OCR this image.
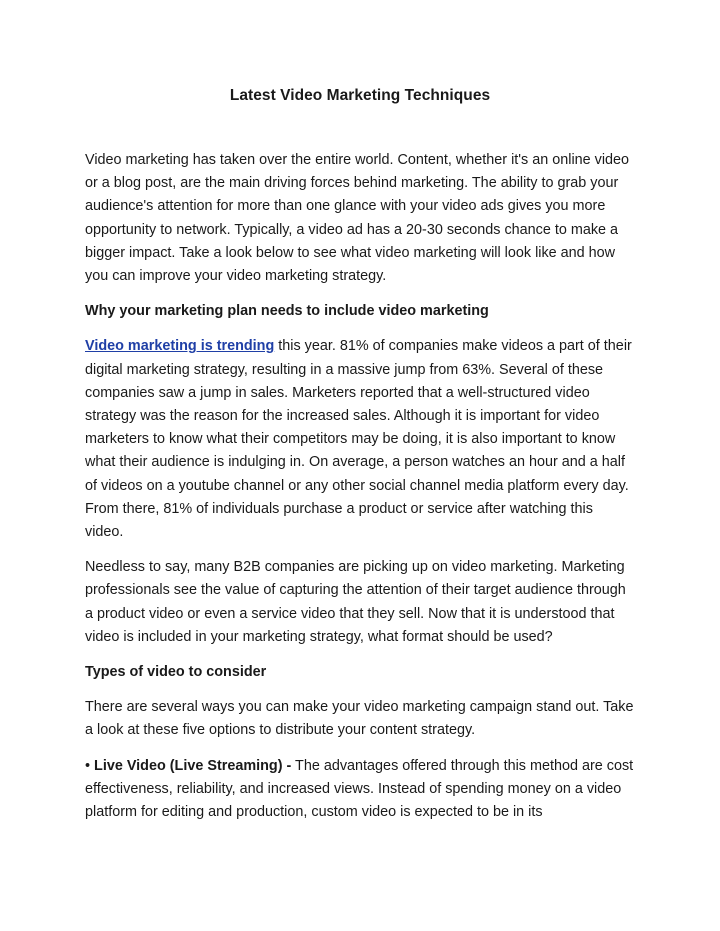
Latest Video Marketing Techniques

Video marketing has taken over the entire world. Content, whether it's an online video or a blog post, are the main driving forces behind marketing. The ability to grab your audience's attention for more than one glance with your video ads gives you more opportunity to network. Typically, a video ad has a 20-30 seconds chance to make a bigger impact. Take a look below to see what video marketing will look like and how you can improve your video marketing strategy.

Why your marketing plan needs to include video marketing

Video marketing is trending this year. 81% of companies make videos a part of their digital marketing strategy, resulting in a massive jump from 63%. Several of these companies saw a jump in sales. Marketers reported that a well-structured video strategy was the reason for the increased sales. Although it is important for video marketers to know what their competitors may be doing, it is also important to know what their audience is indulging in. On average, a person watches an hour and a half of videos on a youtube channel or any other social channel media platform every day. From there, 81% of individuals purchase a product or service after watching this video.

Needless to say, many B2B companies are picking up on video marketing. Marketing professionals see the value of capturing the attention of their target audience through a product video or even a service video that they sell. Now that it is understood that video is included in your marketing strategy, what format should be used?

Types of video to consider

There are several ways you can make your video marketing campaign stand out. Take a look at these five options to distribute your content strategy.

• Live Video (Live Streaming) - The advantages offered through this method are cost effectiveness, reliability, and increased views. Instead of spending money on a video platform for editing and production, custom video is expected to be in its
